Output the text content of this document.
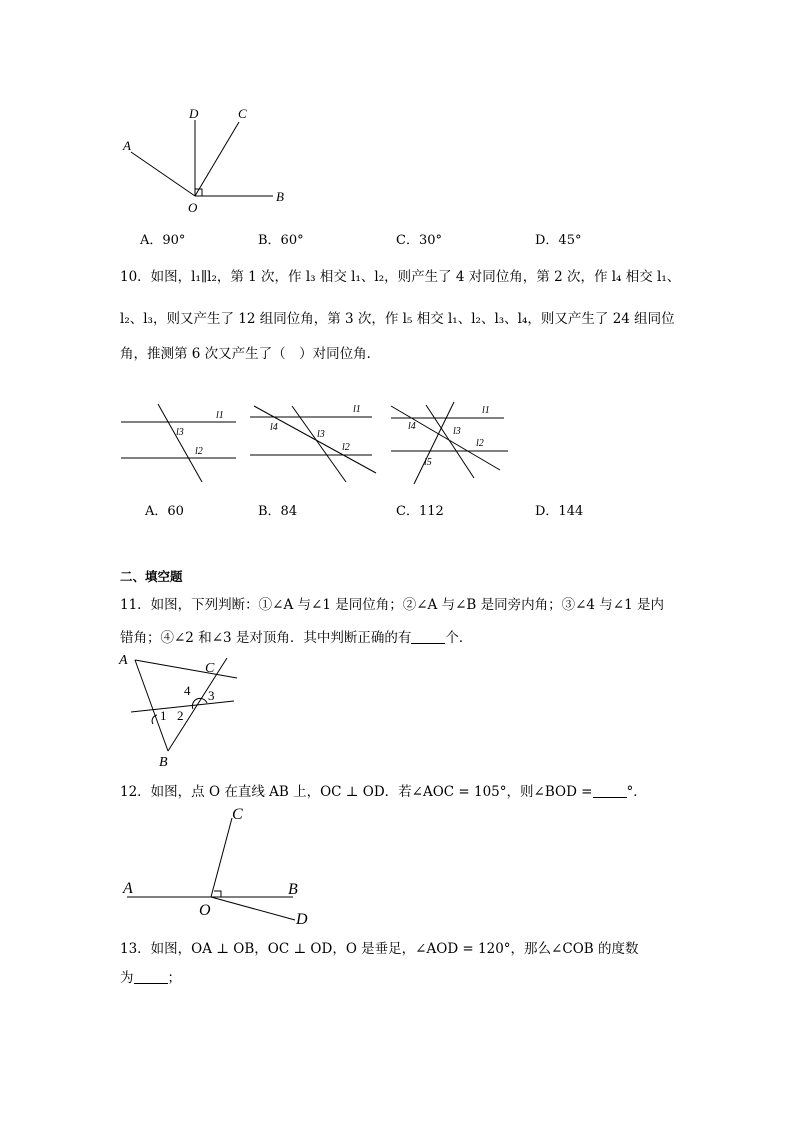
D	C
A
B
O
A．90°	B．60°	C．30°	D．45°
10．如图，l₁∥l₂，第 1 次，作 l₃ 相交 l₁、l₂，则产生了 4 对同位角，第 2 次，作 l₄ 相交 l₁、
l₂、l₃，则又产生了 12 组同位角，第 3 次，作 l₅ 相交 l₁、l₂、l₃、l₄，则又产生了 24 组同位
角，推测第 6 次又产生了（　）对同位角．
l1
l3
l2
l1
l4
l3
l2
l1
l4	l3
l2
l5
A．60	B．84	C．112	D．144
二、填空题
11．如图，下列判断：①∠A 与∠1 是同位角；②∠A 与∠B 是同旁内角；③∠4 与∠1 是内
错角；④∠2 和∠3 是对顶角．其中判断正确的有	个．
A
C
B
4 3
2
1
12．如图，点 O 在直线 AB 上，OC ⊥ OD．若∠AOC = 105°，则∠BOD =	°．
A	B
C
O
D
13．如图，OA ⊥ OB，OC ⊥ OD，O 是垂足，∠AOD = 120°，那么∠COB 的度数
为	；
